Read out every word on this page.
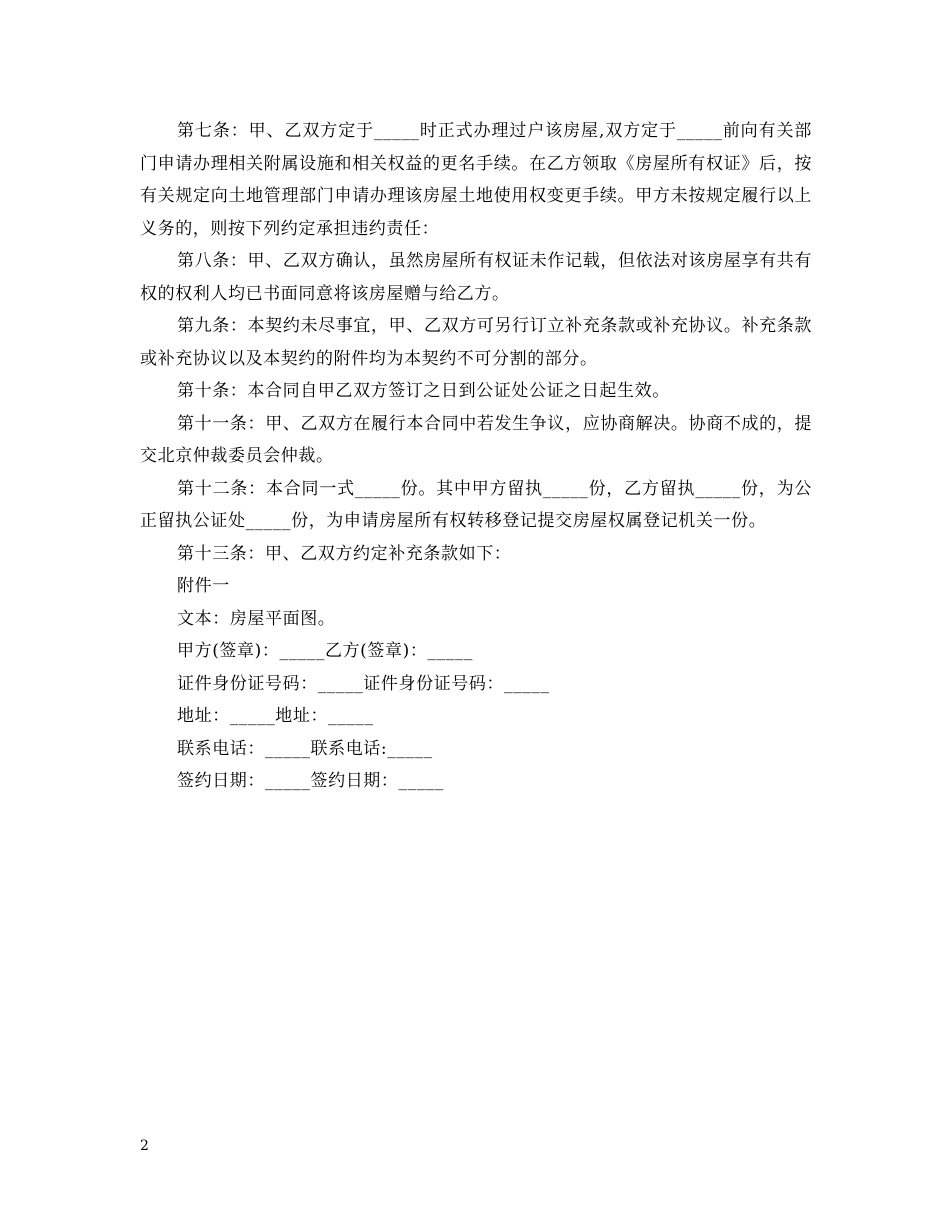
第七条：甲、乙双方定于_____时正式办理过户该房屋,双方定于_____前向有关部门申请办理相关附属设施和相关权益的更名手续。在乙方领取《房屋所有权证》后，按有关规定向土地管理部门申请办理该房屋土地使用权变更手续。甲方未按规定履行以上义务的，则按下列约定承担违约责任：

第八条：甲、乙双方确认，虽然房屋所有权证未作记载，但依法对该房屋享有共有权的权利人均已书面同意将该房屋赠与给乙方。

第九条：本契约未尽事宜，甲、乙双方可另行订立补充条款或补充协议。补充条款或补充协议以及本契约的附件均为本契约不可分割的部分。

第十条：本合同自甲乙双方签订之日到公证处公证之日起生效。

第十一条：甲、乙双方在履行本合同中若发生争议，应协商解决。协商不成的，提交北京仲裁委员会仲裁。

第十二条：本合同一式_____份。其中甲方留执_____份，乙方留执_____份，为公正留执公证处_____份，为申请房屋所有权转移登记提交房屋权属登记机关一份。

第十三条：甲、乙双方约定补充条款如下：

附件一

文本：房屋平面图。

甲方(签章)：_____乙方(签章)：_____

证件身份证号码：_____证件身份证号码：_____

地址：_____地址：_____

联系电话：_____联系电话:_____

签约日期：_____签约日期：_____

2
